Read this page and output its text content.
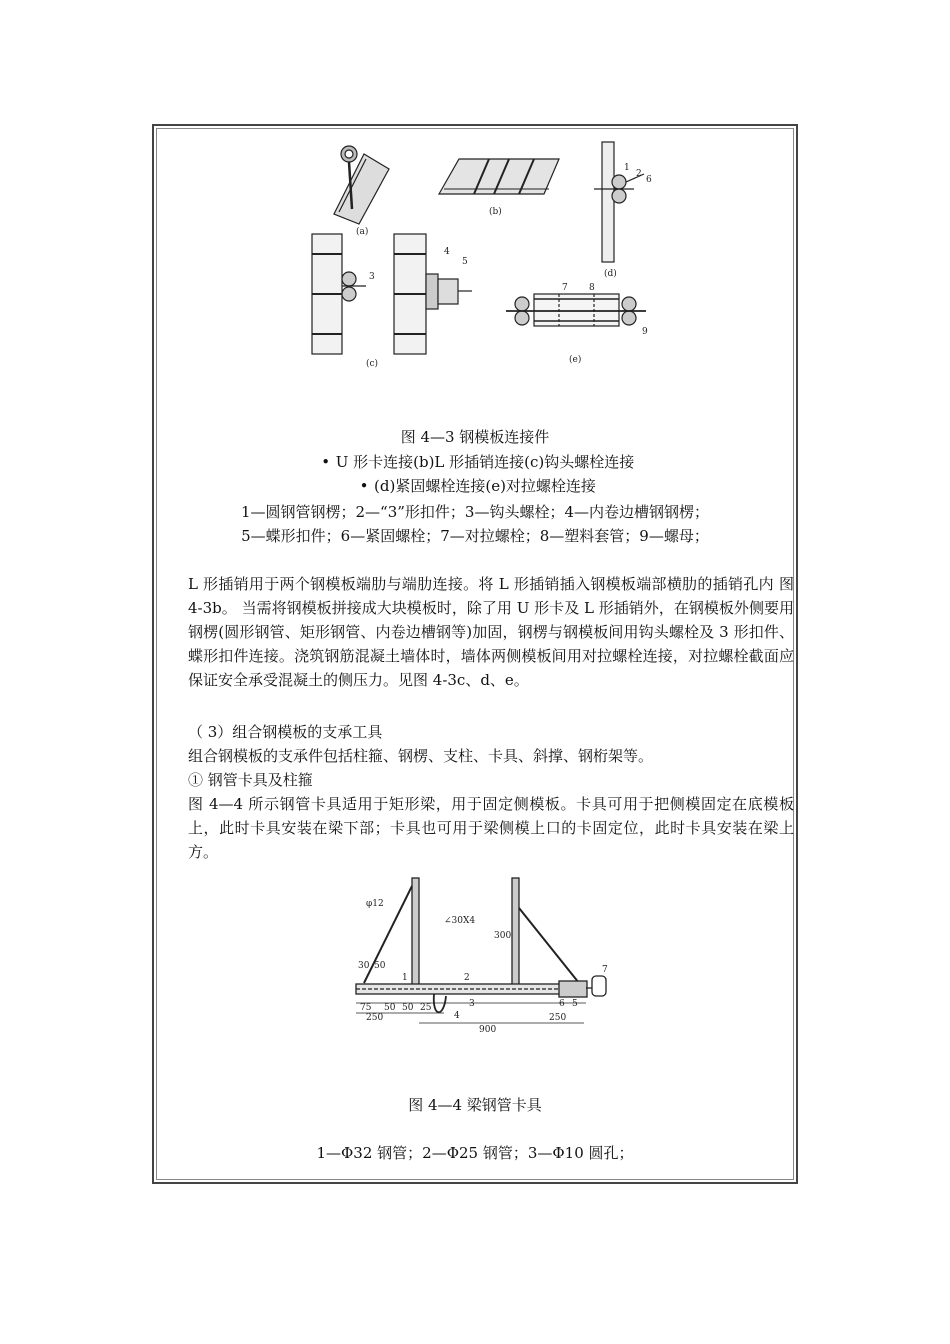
(a)
(b)
(d)
(c)	(e)
1
2
3
4
5
6
7 8
9
图 4—3 钢模板连接件
• U 形卡连接(b)L 形插销连接(c)钩头螺栓连接
• (d)紧固螺栓连接(e)对拉螺栓连接
1—圆钢管钢楞；2—“3”形扣件；3—钩头螺栓；4—内卷边槽钢钢楞；
5—蝶形扣件；6—紧固螺栓；7—对拉螺栓；8—塑料套管；9—螺母；
L 形插销用于两个钢模板端肋与端肋连接。将 L 形插销插入钢模板端部横肋的插销孔内 图 4-3b。 当需将钢模板拼接成大块模板时，除了用 U 形卡及 L 形插销外，在钢模板外侧要用钢楞(圆形钢管、矩形钢管、内卷边槽钢等)加固，钢楞与钢模板间用钩头螺栓及 3 形扣件、蝶形扣件连接。浇筑钢筋混凝土墙体时，墙体两侧模板间用对拉螺栓连接，对拉螺栓截面应保证安全承受混凝土的侧压力。见图 4-3c、d、e。
（ 3）组合钢模板的支承工具
组合钢模板的支承件包括柱箍、钢楞、支柱、卡具、斜撑、钢桁架等。
① 钢管卡具及柱箍
图 4—4 所示钢管卡具适用于矩形梁，用于固定侧模板。卡具可用于把侧模固定在底模板上，此时卡具安装在梁下部；卡具也可用于梁侧模上口的卡固定位，此时卡具安装在梁上方。
φ12
∠30X4
30 50
300
75 50 50 25
250
900
250
1	2
3
4
5
6
7
图 4—4 梁钢管卡具
1—Φ32 钢管；2—Φ25 钢管；3—Φ10 圆孔；
